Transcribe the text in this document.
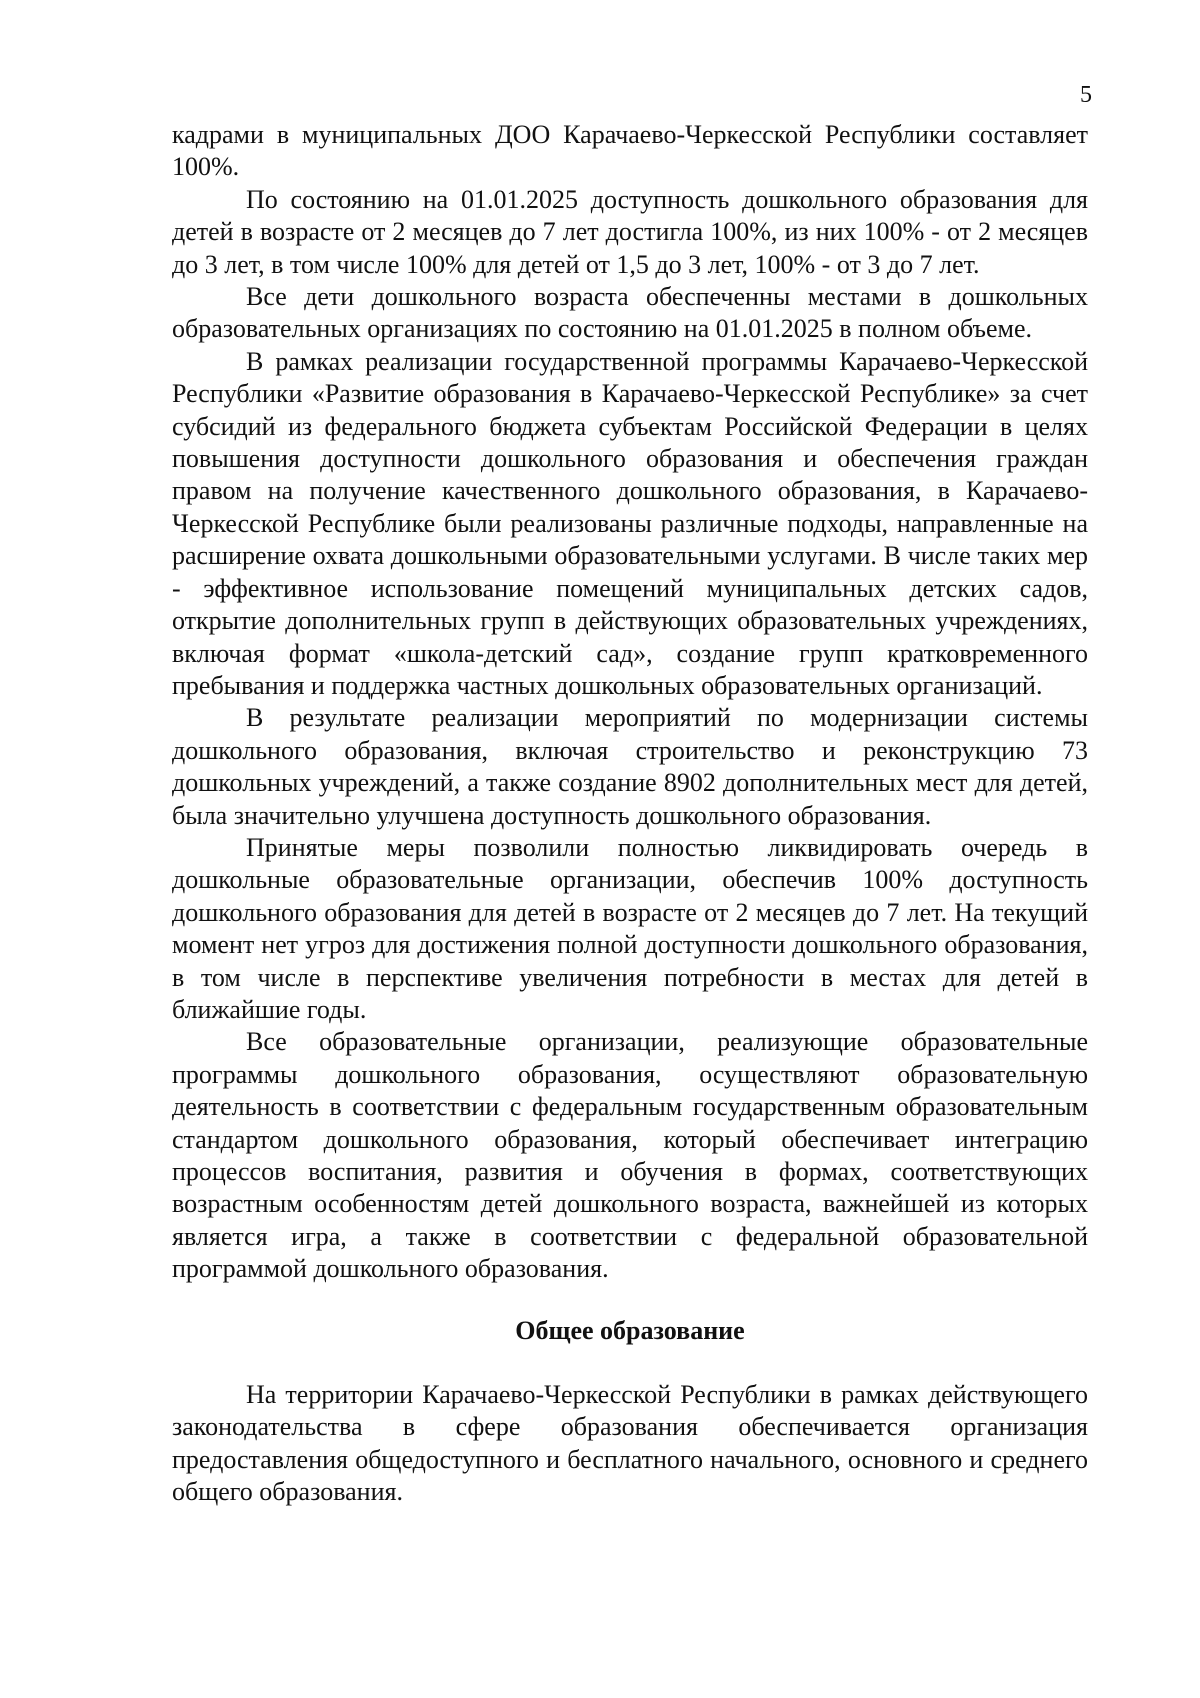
5

кадрами в муниципальных ДОО Карачаево-Черкесской Республики составляет 100%.

По состоянию на 01.01.2025 доступность дошкольного образования для детей в возрасте от 2 месяцев до 7 лет достигла 100%, из них 100% - от 2 месяцев до 3 лет, в том числе 100% для детей от 1,5 до 3 лет, 100% - от 3 до 7 лет.

Все дети дошкольного возраста обеспеченны местами в дошкольных образовательных организациях по состоянию на 01.01.2025 в полном объеме.

В рамках реализации государственной программы Карачаево-Черкесской Республики «Развитие образования в Карачаево-Черкесской Республике» за счет субсидий из федерального бюджета субъектам Российской Федерации в целях повышения доступности дошкольного образования и обеспечения граждан правом на получение качественного дошкольного образования, в Карачаево-Черкесской Республике были реализованы различные подходы, направленные на расширение охвата дошкольными образовательными услугами. В числе таких мер - эффективное использование помещений муниципальных детских садов, открытие дополнительных групп в действующих образовательных учреждениях, включая формат «школа-детский сад», создание групп кратковременного пребывания и поддержка частных дошкольных образовательных организаций.

В результате реализации мероприятий по модернизации системы дошкольного образования, включая строительство и реконструкцию 73 дошкольных учреждений, а также создание 8902 дополнительных мест для детей, была значительно улучшена доступность дошкольного образования.

Принятые меры позволили полностью ликвидировать очередь в дошкольные образовательные организации, обеспечив 100% доступность дошкольного образования для детей в возрасте от 2 месяцев до 7 лет. На текущий момент нет угроз для достижения полной доступности дошкольного образования, в том числе в перспективе увеличения потребности в местах для детей в ближайшие годы.

Все образовательные организации, реализующие образовательные программы дошкольного образования, осуществляют образовательную деятельность в соответствии с федеральным государственным образовательным стандартом дошкольного образования, который обеспечивает интеграцию процессов воспитания, развития и обучения в формах, соответствующих возрастным особенностям детей дошкольного возраста, важнейшей из которых является игра, а также в соответствии с федеральной образовательной программой дошкольного образования.

Общее образование

На территории Карачаево-Черкесской Республики в рамках действующего законодательства в сфере образования обеспечивается организация предоставления общедоступного и бесплатного начального, основного и среднего общего образования.
